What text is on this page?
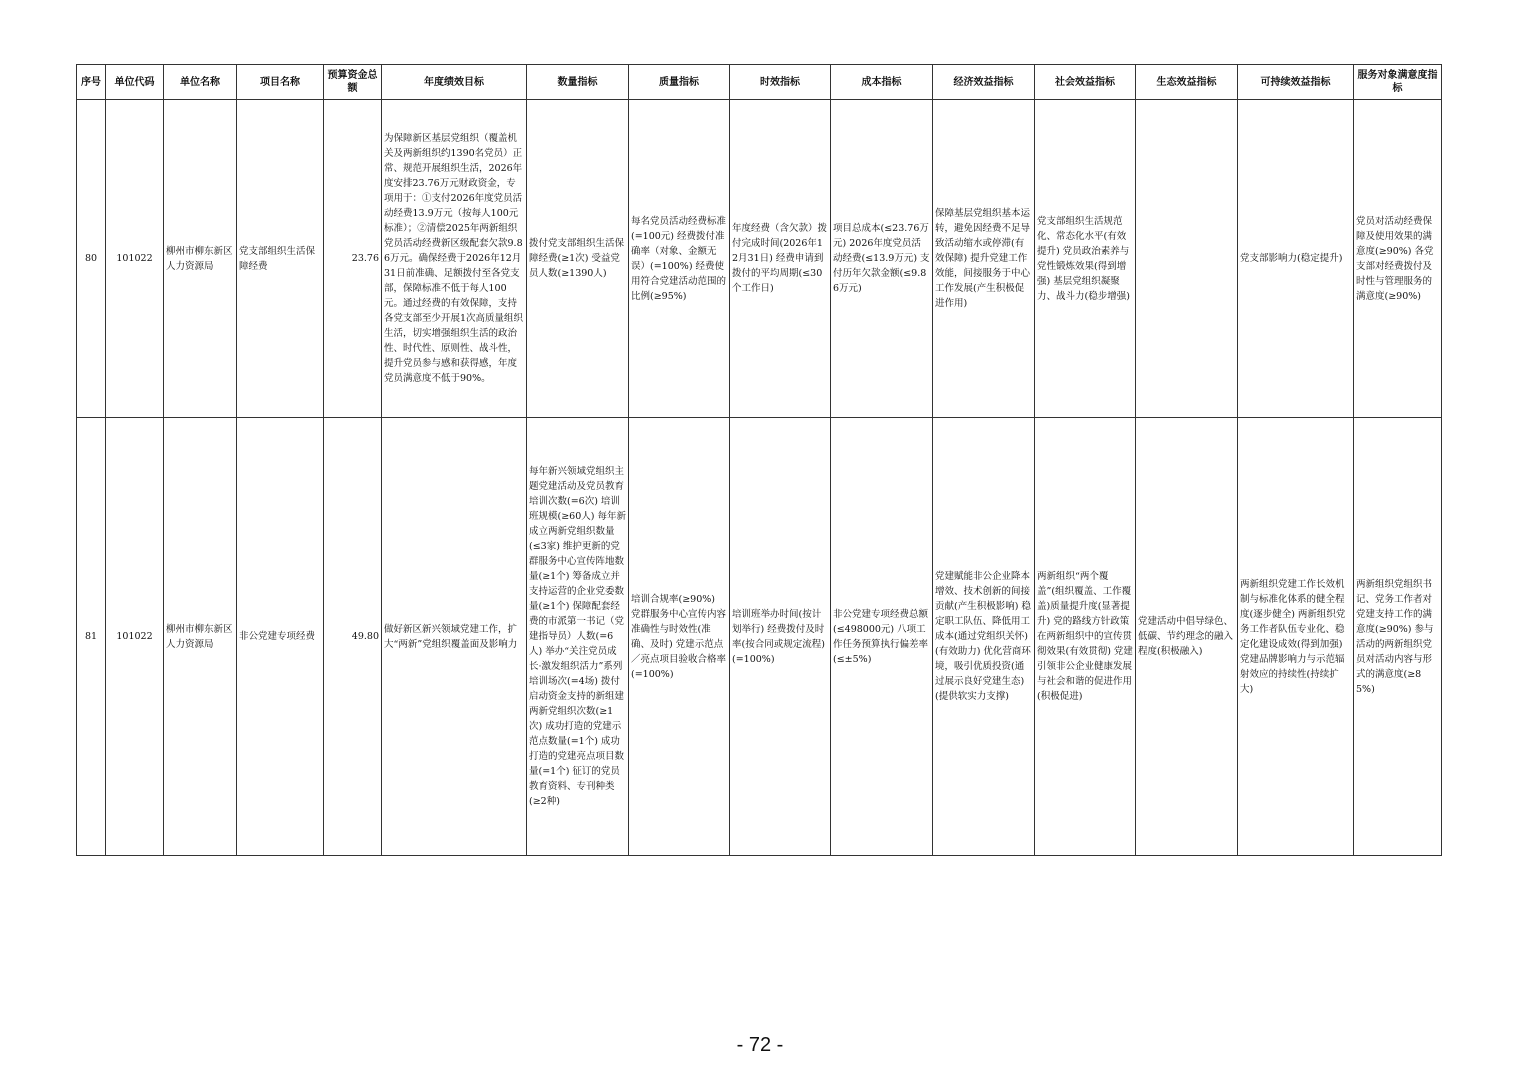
序号	单位代码	单位名称	项目名称	预算资金总额	年度绩效目标	数量指标	质量指标	时效指标	成本指标	经济效益指标	社会效益指标	生态效益指标	可持续效益指标	服务对象满意度指标
80	101022	柳州市柳东新区人力资源局	党支部组织生活保障经费	23.76	为保障新区基层党组织（覆盖机关及两新组织约1390名党员）正常、规范开展组织生活，2026年度安排23.76万元财政资金，专项用于：①支付2026年度党员活动经费13.9万元（按每人100元标准）；②清偿2025年两新组织党员活动经费新区级配套欠款9.86万元。确保经费于2026年12月31日前准确、足额拨付至各党支部，保障标准不低于每人100元。通过经费的有效保障，支持各党支部至少开展1次高质量组织生活，切实增强组织生活的政治性、时代性、原则性、战斗性，提升党员参与感和获得感，年度党员满意度不低于90%。	拨付党支部组织生活保障经费(≥1次) 受益党员人数(≥1390人)	每名党员活动经费标准(=100元) 经费拨付准确率（对象、金额无误）(=100%) 经费使用符合党建活动范围的比例(≥95%)	年度经费（含欠款）拨付完成时间(2026年12月31日) 经费申请到拨付的平均周期(≤30个工作日)	项目总成本(≤23.76万元) 2026年度党员活动经费(≤13.9万元) 支付历年欠款金额(≤9.86万元)	保障基层党组织基本运转，避免因经费不足导致活动缩水或停滞(有效保障) 提升党建工作效能，间接服务于中心工作发展(产生积极促进作用)	党支部组织生活规范化、常态化水平(有效提升) 党员政治素养与党性锻炼效果(得到增强) 基层党组织凝聚力、战斗力(稳步增强)		党支部影响力(稳定提升)	党员对活动经费保障及使用效果的满意度(≥90%) 各党支部对经费拨付及时性与管理服务的满意度(≥90%)
81	101022	柳州市柳东新区人力资源局	非公党建专项经费	49.80	做好新区新兴领域党建工作，扩大“两新”党组织覆盖面及影响力	每年新兴领域党组织主题党建活动及党员教育培训次数(=6次) 培训班规模(≥60人) 每年新成立两新党组织数量(≤3家) 维护更新的党群服务中心宣传阵地数量(≥1个) 筹备成立并支持运营的企业党委数量(≥1个) 保障配套经费的市派第一书记（党建指导员）人数(=6人) 举办“关注党员成长·激发组织活力”系列培训场次(=4场) 拨付启动资金支持的新组建两新党组织次数(≥1次) 成功打造的党建示范点数量(=1个) 成功打造的党建亮点项目数量(=1个) 征订的党员教育资料、专刊种类(≥2种)	培训合规率(≥90%) 党群服务中心宣传内容准确性与时效性(准确、及时) 党建示范点／亮点项目验收合格率(=100%)	培训班举办时间(按计划举行) 经费拨付及时率(按合同或规定流程)(=100%)	非公党建专项经费总额(≤498000元) 八项工作任务预算执行偏差率(≤±5%)	党建赋能非公企业降本增效、技术创新的间接贡献(产生积极影响) 稳定职工队伍、降低用工成本(通过党组织关怀)(有效助力) 优化营商环境，吸引优质投资(通过展示良好党建生态)(提供软实力支撑)	两新组织“两个覆盖”(组织覆盖、工作覆盖)质量提升度(显著提升) 党的路线方针政策在两新组织中的宣传贯彻效果(有效贯彻) 党建引领非公企业健康发展与社会和谐的促进作用(积极促进)	党建活动中倡导绿色、低碳、节约理念的融入程度(积极融入)	两新组织党建工作长效机制与标准化体系的健全程度(逐步健全) 两新组织党务工作者队伍专业化、稳定化建设成效(得到加强) 党建品牌影响力与示范辐射效应的持续性(持续扩大)	两新组织党组织书记、党务工作者对党建支持工作的满意度(≥90%) 参与活动的两新组织党员对活动内容与形式的满意度(≥85%)
- 72 -
